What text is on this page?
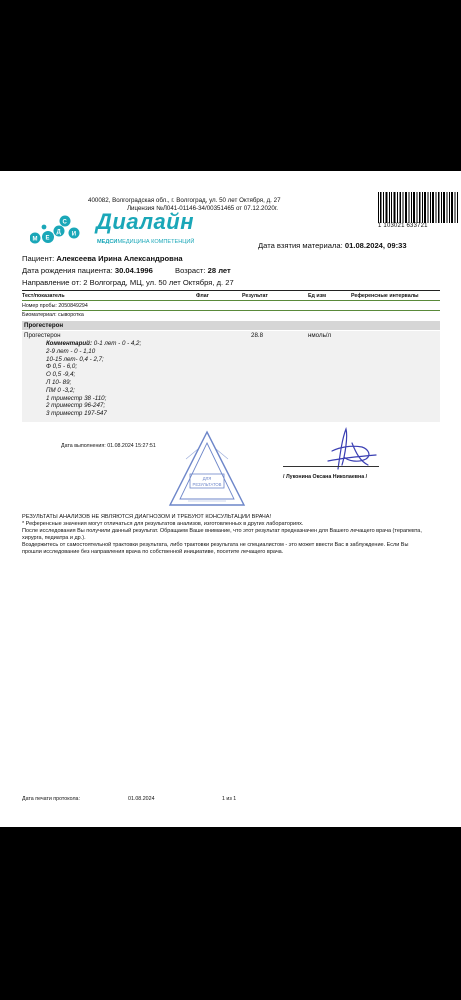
М Е
Д
С
И
Диалайн
МЕДСИМЕДИЦИНА КОМПЕТЕНЦИЙ
400082, Волгоградская обл., г. Волгоград, ул. 50 лет Октября, д. 27
Лицензия №Л041-01146-34/00351465 от 07.12.2020г.
1 103021 633721
Дата взятия материала: 01.08.2024, 09:33
Пациент: Алексеева Ирина Александровна
Дата рождения пациента: 30.04.1996	Возраст: 28 лет
Направление от: 2 Волгоград, МЦ, ул. 50 лет Октября, д. 27
Тест/показатель	Флаг	Результат	Ед изм	Референсные интервалы
Номер пробы: 2050849294
Биоматериал: сыворотка
Прогестерон
Прогестерон	28.8	нмоль/л
Комментарий: 0-1 лет - 0 - 4,2;
2-9 лет - 0 - 1,10
10-15 лет- 0,4 - 2,7;
Ф 0,5 - 6,0;
О 0,5 -9,4;
Л 10- 89;
ПМ 0 -3,2;
1 триместр 38 -110;
2 триместр 96-247;
3 триместр 197-547
Дата выполнения: 01.08.2024 15:27:51
ДЛЯ
РЕЗУЛЬТАТОВ
/ Луконина Оксана Николаевна /
РЕЗУЛЬТАТЫ АНАЛИЗОВ НЕ ЯВЛЯЮТСЯ ДИАГНОЗОМ И ТРЕБУЮТ КОНСУЛЬТАЦИИ ВРАЧА!
* Референсные значения могут отличаться для результатов анализов, изготовленных в других лабораториях.
После исследования Вы получили данный результат. Обращаем Ваше внимание, что этот результат предназначен для Вашего лечащего врача (терапевта, хирурга, педиатра и др.).
Воздержитесь от самостоятельной трактовки результата, либо трактовки результата не специалистом - это может ввести Вас в заблуждение. Если Вы прошли исследование без направления врача по собственной инициативе, посетите лечащего врача.
Дата печати протокола:	01.08.2024	1 из 1
